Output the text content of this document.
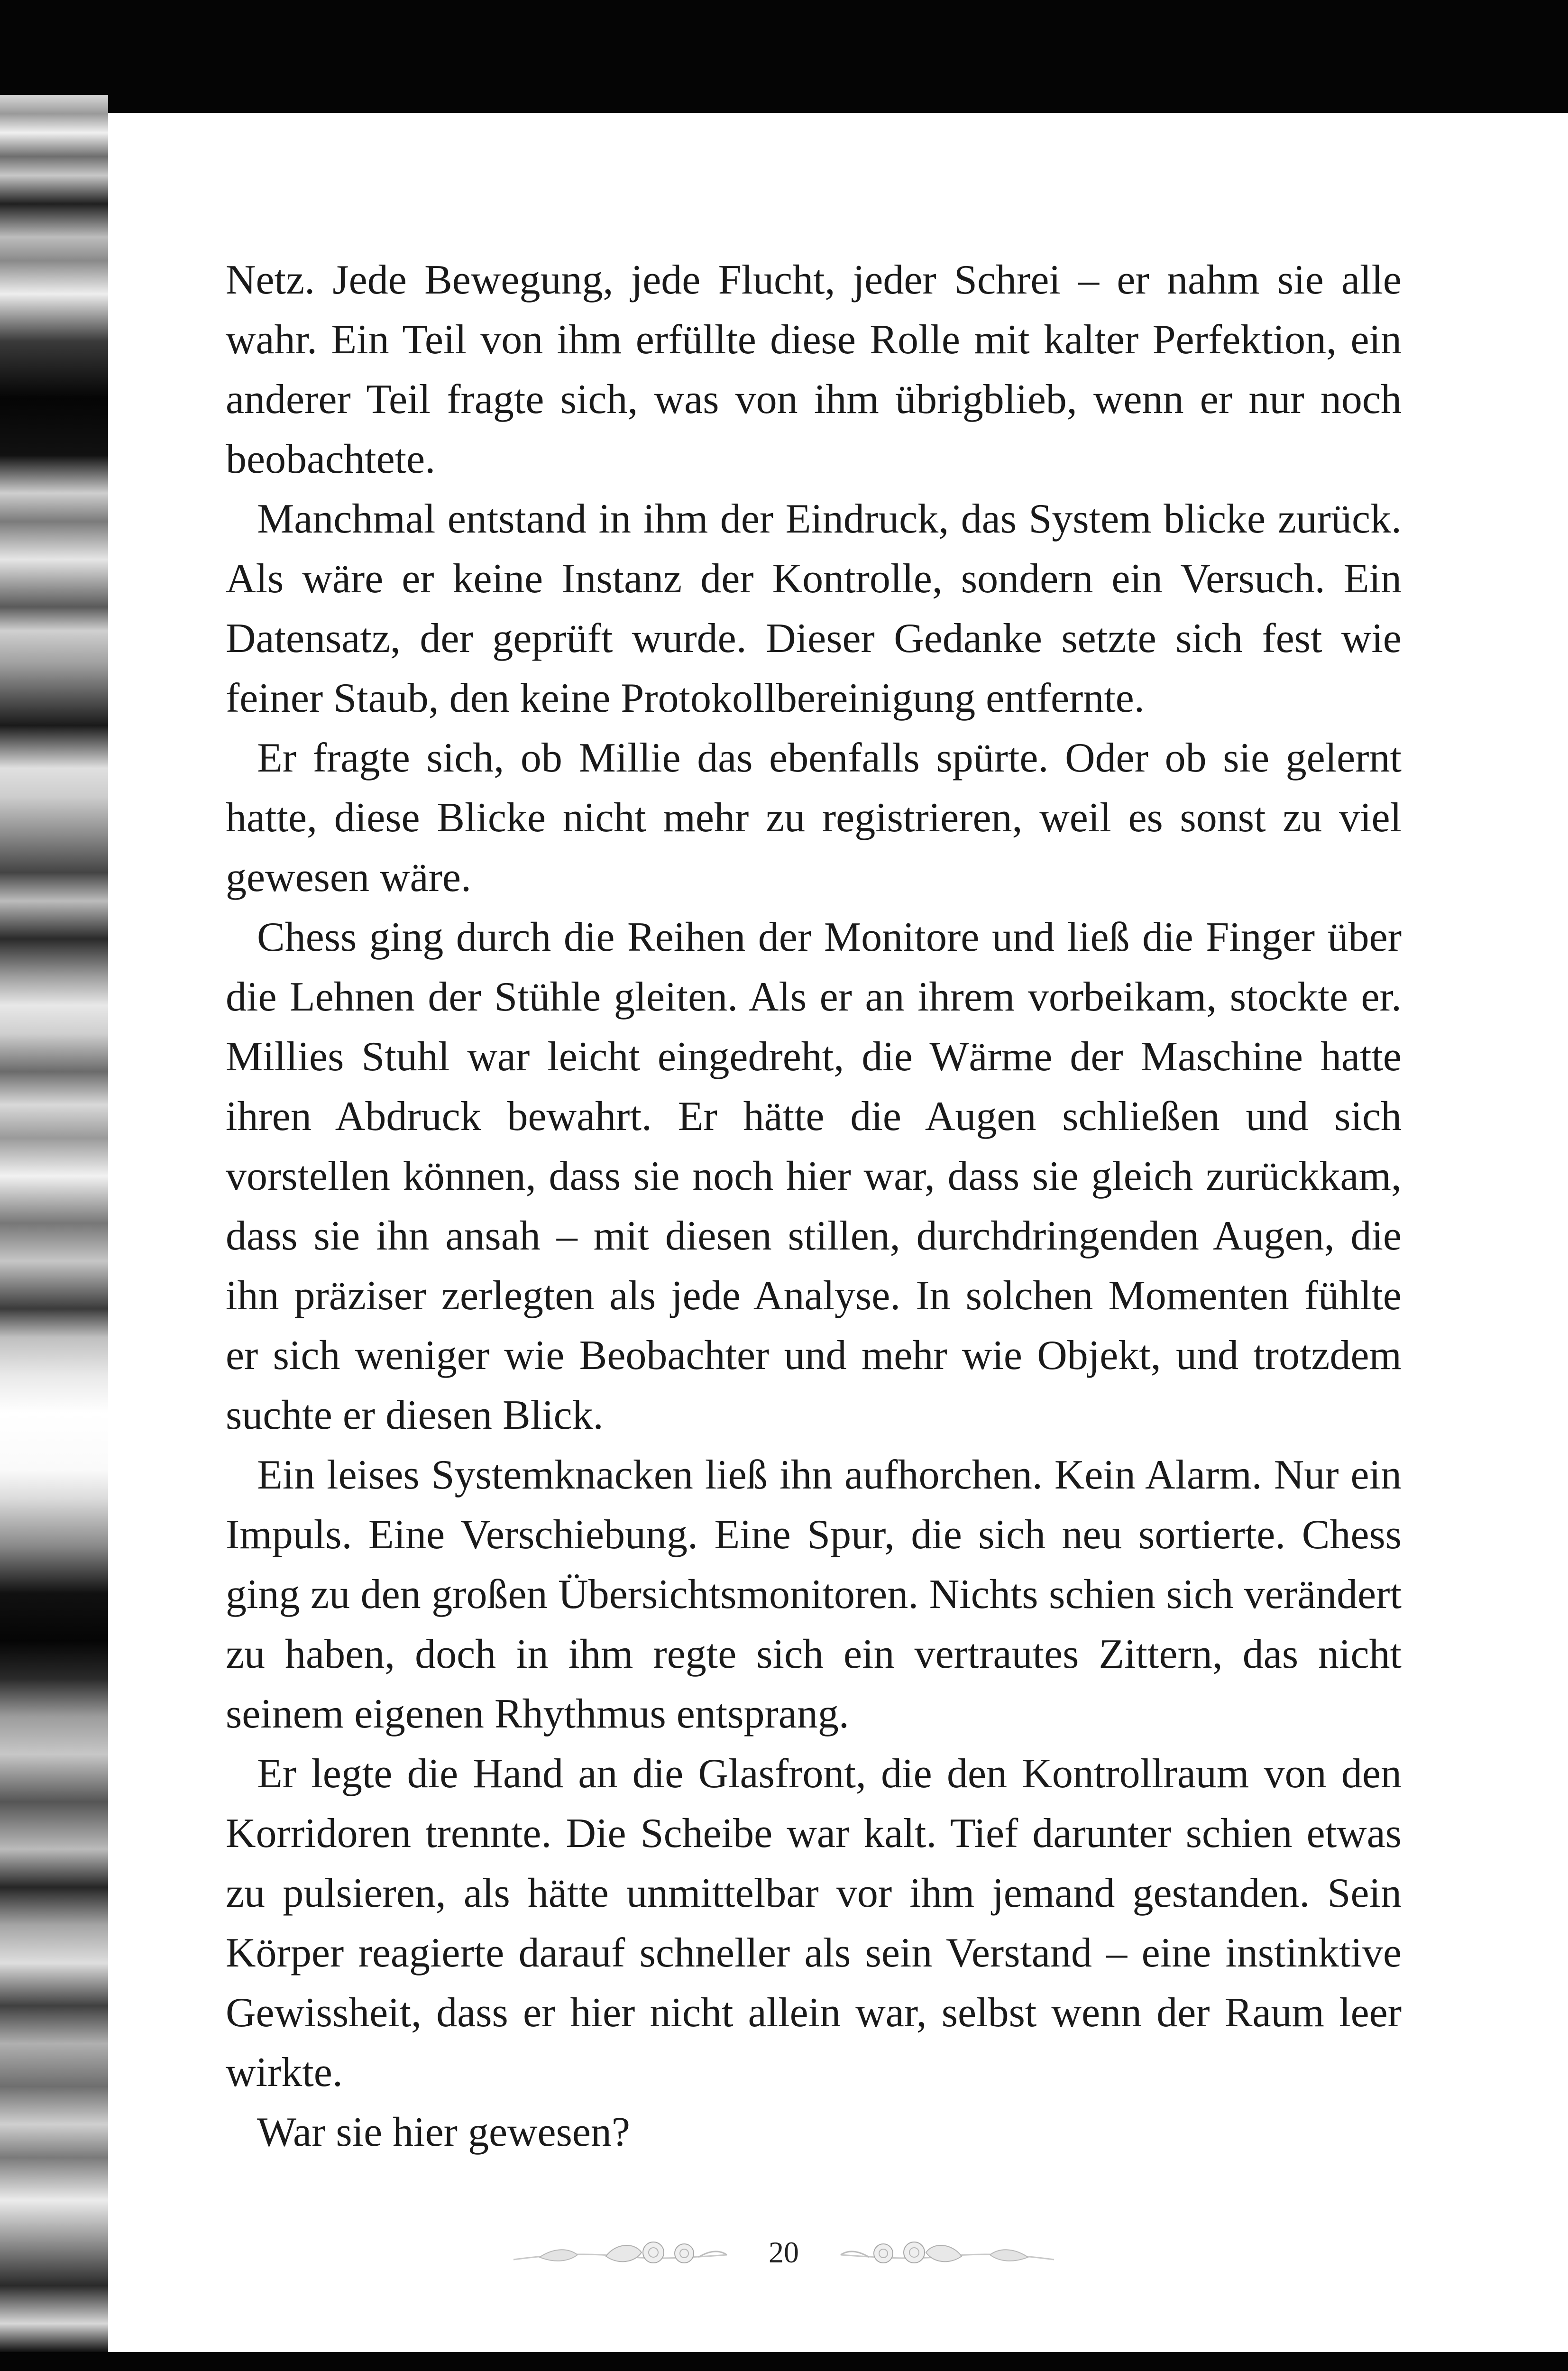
Netz. Jede Bewegung, jede Flucht, jeder Schrei – er nahm sie alle wahr. Ein Teil von ihm erfüllte diese Rolle mit kalter Perfektion, ein anderer Teil fragte sich, was von ihm übrigblieb, wenn er nur noch beobachtete.

Manchmal entstand in ihm der Eindruck, das System blicke zurück. Als wäre er keine Instanz der Kontrolle, sondern ein Versuch. Ein Datensatz, der geprüft wurde. Dieser Gedanke setzte sich fest wie feiner Staub, den keine Protokollbereinigung entfernte.

Er fragte sich, ob Millie das ebenfalls spürte. Oder ob sie gelernt hatte, diese Blicke nicht mehr zu registrieren, weil es sonst zu viel gewesen wäre.

Chess ging durch die Reihen der Monitore und ließ die Finger über die Lehnen der Stühle gleiten. Als er an ihrem vorbeikam, stockte er. Millies Stuhl war leicht eingedreht, die Wärme der Maschine hatte ihren Abdruck bewahrt. Er hätte die Augen schließen und sich vorstellen können, dass sie noch hier war, dass sie gleich zurückkam, dass sie ihn ansah – mit diesen stillen, durchdringenden Augen, die ihn präziser zerlegten als jede Analyse. In solchen Momenten fühlte er sich weniger wie Beobachter und mehr wie Objekt, und trotzdem suchte er diesen Blick.

Ein leises Systemknacken ließ ihn aufhorchen. Kein Alarm. Nur ein Impuls. Eine Verschiebung. Eine Spur, die sich neu sortierte. Chess ging zu den großen Übersichtsmonitoren. Nichts schien sich verändert zu haben, doch in ihm regte sich ein vertrautes Zittern, das nicht seinem eigenen Rhythmus entsprang.

Er legte die Hand an die Glasfront, die den Kontrollraum von den Korridoren trennte. Die Scheibe war kalt. Tief darunter schien etwas zu pulsieren, als hätte unmittelbar vor ihm jemand gestanden. Sein Körper reagierte darauf schneller als sein Verstand – eine instinktive Gewissheit, dass er hier nicht allein war, selbst wenn der Raum leer wirkte.

War sie hier gewesen?

20
